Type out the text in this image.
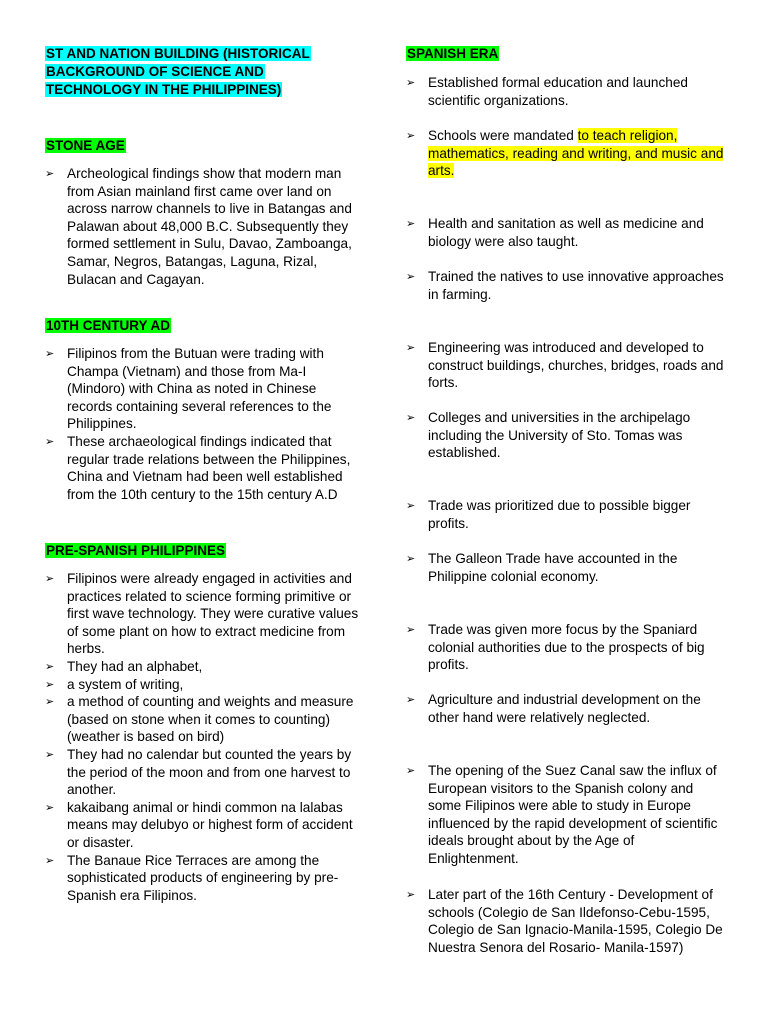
ST AND NATION BUILDING (HISTORICAL
BACKGROUND OF SCIENCE AND
TECHNOLOGY IN THE PHILIPPINES)
STONE AGE
➢ Archeological findings show that modern man from Asian mainland first came over land on across narrow channels to live in Batangas and Palawan about 48,000 B.C. Subsequently they formed settlement in Sulu, Davao, Zamboanga, Samar, Negros, Batangas, Laguna, Rizal, Bulacan and Cagayan.
10TH CENTURY AD
➢ Filipinos from the Butuan were trading with Champa (Vietnam) and those from Ma-I (Mindoro) with China as noted in Chinese records containing several references to the Philippines.
➢ These archaeological findings indicated that regular trade relations between the Philippines, China and Vietnam had been well established from the 10th century to the 15th century A.D
PRE-SPANISH PHILIPPINES
➢ Filipinos were already engaged in activities and practices related to science forming primitive or first wave technology. They were curative values of some plant on how to extract medicine from herbs.
➢ They had an alphabet,
➢ a system of writing,
➢ a method of counting and weights and measure (based on stone when it comes to counting) (weather is based on bird)
➢ They had no calendar but counted the years by the period of the moon and from one harvest to another.
➢ kakaibang animal or hindi common na lalabas means may delubyo or highest form of accident or disaster.
➢ The Banaue Rice Terraces are among the sophisticated products of engineering by pre-Spanish era Filipinos.
SPANISH ERA
➢ Established formal education and launched scientific organizations.
➢ Schools were mandated to teach religion, mathematics, reading and writing, and music and arts.
➢ Health and sanitation as well as medicine and biology were also taught.
➢ Trained the natives to use innovative approaches in farming.
➢ Engineering was introduced and developed to construct buildings, churches, bridges, roads and forts.
➢ Colleges and universities in the archipelago including the University of Sto. Tomas was established.
➢ Trade was prioritized due to possible bigger profits.
➢ The Galleon Trade have accounted in the Philippine colonial economy.
➢ Trade was given more focus by the Spaniard colonial authorities due to the prospects of big profits.
➢ Agriculture and industrial development on the other hand were relatively neglected.
➢ The opening of the Suez Canal saw the influx of European visitors to the Spanish colony and some Filipinos were able to study in Europe influenced by the rapid development of scientific ideals brought about by the Age of Enlightenment.
➢ Later part of the 16th Century - Development of schools (Colegio de San Ildefonso-Cebu-1595, Colegio de San Ignacio-Manila-1595, Colegio De Nuestra Senora del Rosario- Manila-1597)
